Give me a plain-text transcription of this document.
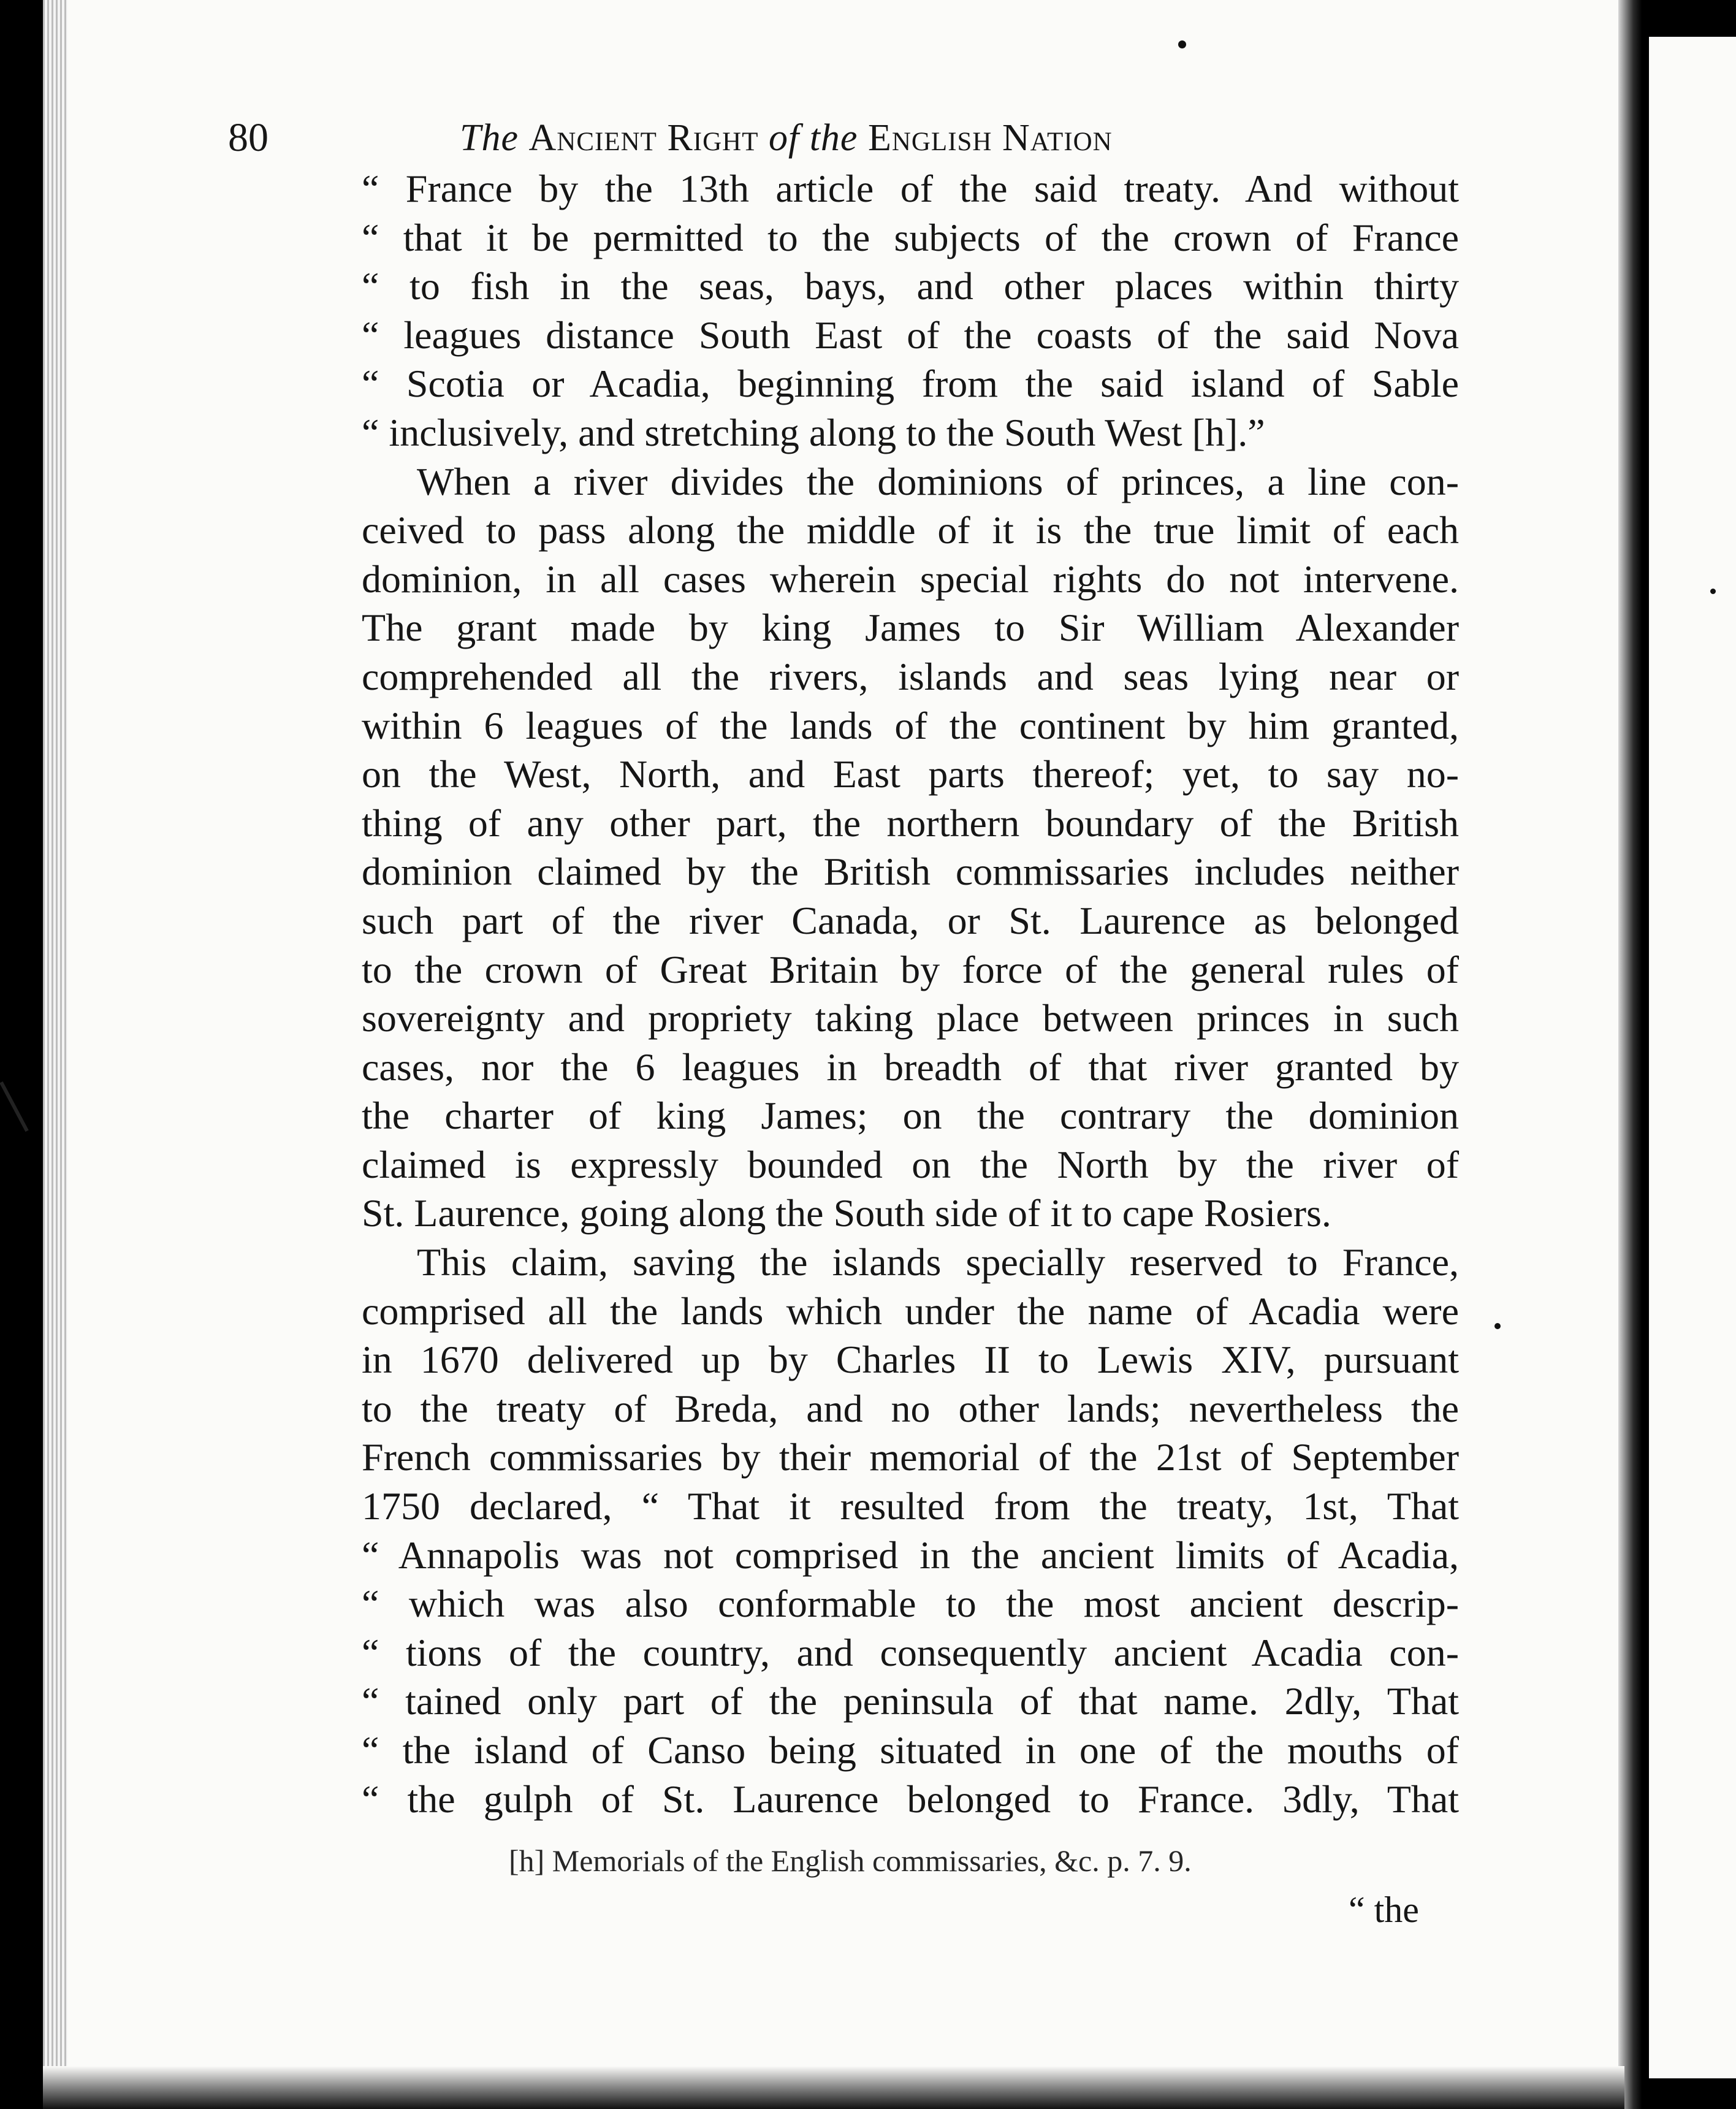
80	The Ancient Right of the English Nation
“ France by the 13th article of the said treaty. And without
“ that it be permitted to the subjects of the crown of France
“ to fish in the seas, bays, and other places within thirty
“ leagues distance South East of the coasts of the said Nova
“ Scotia or Acadia, beginning from the said island of Sable
“ inclusively, and stretching along to the South West [h].”
When a river divides the dominions of princes, a line con-
ceived to pass along the middle of it is the true limit of each
dominion, in all cases wherein special rights do not intervene.
The grant made by king James to Sir William Alexander
comprehended all the rivers, islands and seas lying near or
within 6 leagues of the lands of the continent by him granted,
on the West, North, and East parts thereof; yet, to say no-
thing of any other part, the northern boundary of the British
dominion claimed by the British commissaries includes neither
such part of the river Canada, or St. Laurence as belonged
to the crown of Great Britain by force of the general rules of
sovereignty and propriety taking place between princes in such
cases, nor the 6 leagues in breadth of that river granted by
the charter of king James; on the contrary the dominion
claimed is expressly bounded on the North by the river of
St. Laurence, going along the South side of it to cape Rosiers.
This claim, saving the islands specially reserved to France,
comprised all the lands which under the name of Acadia were
in 1670 delivered up by Charles II to Lewis XIV, pursuant
to the treaty of Breda, and no other lands; nevertheless the
French commissaries by their memorial of the 21st of September
1750 declared, “ That it resulted from the treaty, 1st, That
“ Annapolis was not comprised in the ancient limits of Acadia,
“ which was also conformable to the most ancient descrip-
“ tions of the country, and consequently ancient Acadia con-
“ tained only part of the peninsula of that name. 2dly, That
“ the island of Canso being situated in one of the mouths of
“ the gulph of St. Laurence belonged to France. 3dly, That
[h] Memorials of the English commissaries, &c. p. 7. 9.
“ the
